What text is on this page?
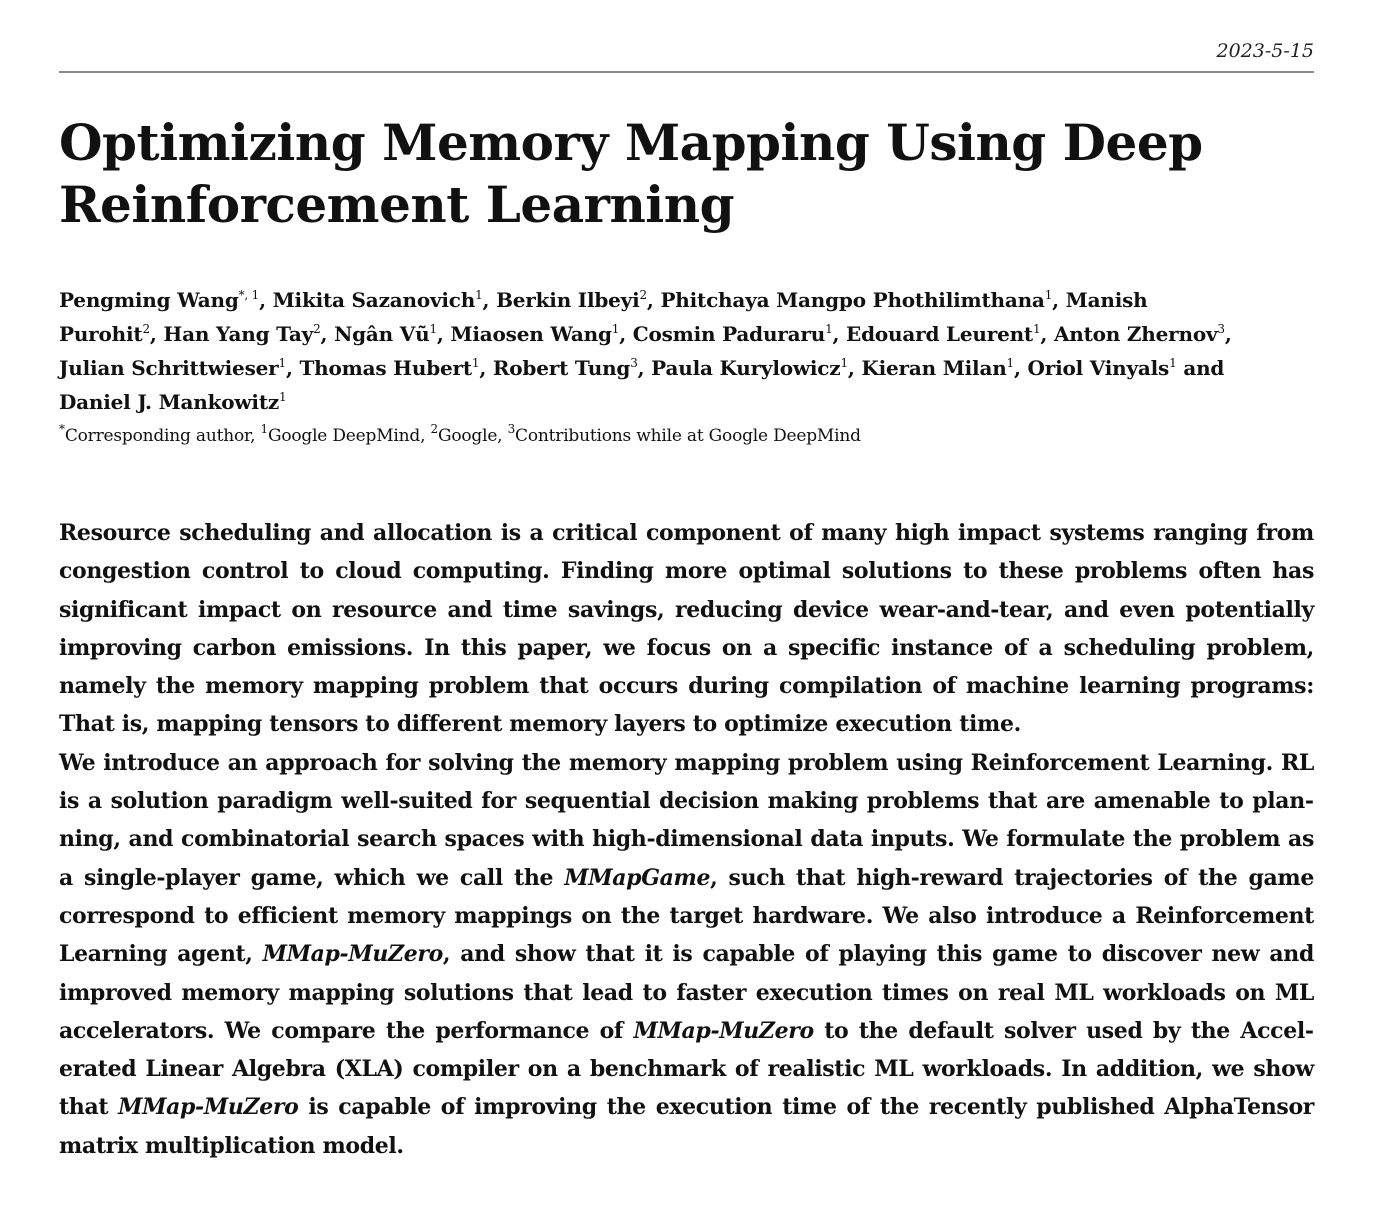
2023-5-15
Optimizing Memory Mapping Using Deep
Reinforcement Learning
Pengming Wang$^{*, 1}$, Mikita Sazanovich$^1$, Berkin Ilbeyi$^2$, Phitchaya Mangpo Phothilimthana$^1$, Manish
Purohit$^2$, Han Yang Tay$^2$, Ngân $Vũ^1$, Miaosen Wang$^1$, Cosmin Paduraru$^1$, Edouard Leurent$^1$, Anton Zhernov$^3$,
Julian Schrittwieser$^1$, Thomas Hubert$^1$, Robert Tung$^3$, Paula Kurylowicz$^1$, Kieran Milan$^1$, Oriol Vinyals$^1$ and
Daniel J. Mankowitz$^1$
*Corresponding author, $^1$Google DeepMind, $^2$Google, $^3$Contributions while at Google DeepMind

Resource scheduling and allocation is a critical component of many high impact systems ranging from congestion control to cloud computing. Finding more optimal solutions to these problems often has significant impact on resource and time savings, reducing device wear-and-tear, and even potentially improving carbon emissions. In this paper, we focus on a specific instance of a scheduling problem, namely the memory mapping problem that occurs during compilation of machine learning programs: That is, mapping tensors to different memory layers to optimize execution time.

We introduce an approach for solving the memory mapping problem using Reinforcement Learning. RL is a solution paradigm well-suited for sequential decision making problems that are amenable to planning, and combinatorial search spaces with high-dimensional data inputs. We formulate the problem as a single-player game, which we call the MMapGame, such that high-reward trajectories of the game correspond to efficient memory mappings on the target hardware. We also introduce a Reinforcement Learning agent, MMap-MuZero, and show that it is capable of playing this game to discover new and improved memory mapping solutions that lead to faster execution times on real ML workloads on ML accelerators. We compare the performance of MMap-MuZero to the default solver used by the Accelerated Linear Algebra (XLA) compiler on a benchmark of realistic ML workloads. In addition, we show that MMap-MuZero is capable of improving the execution time of the recently published AlphaTensor matrix multiplication model.
